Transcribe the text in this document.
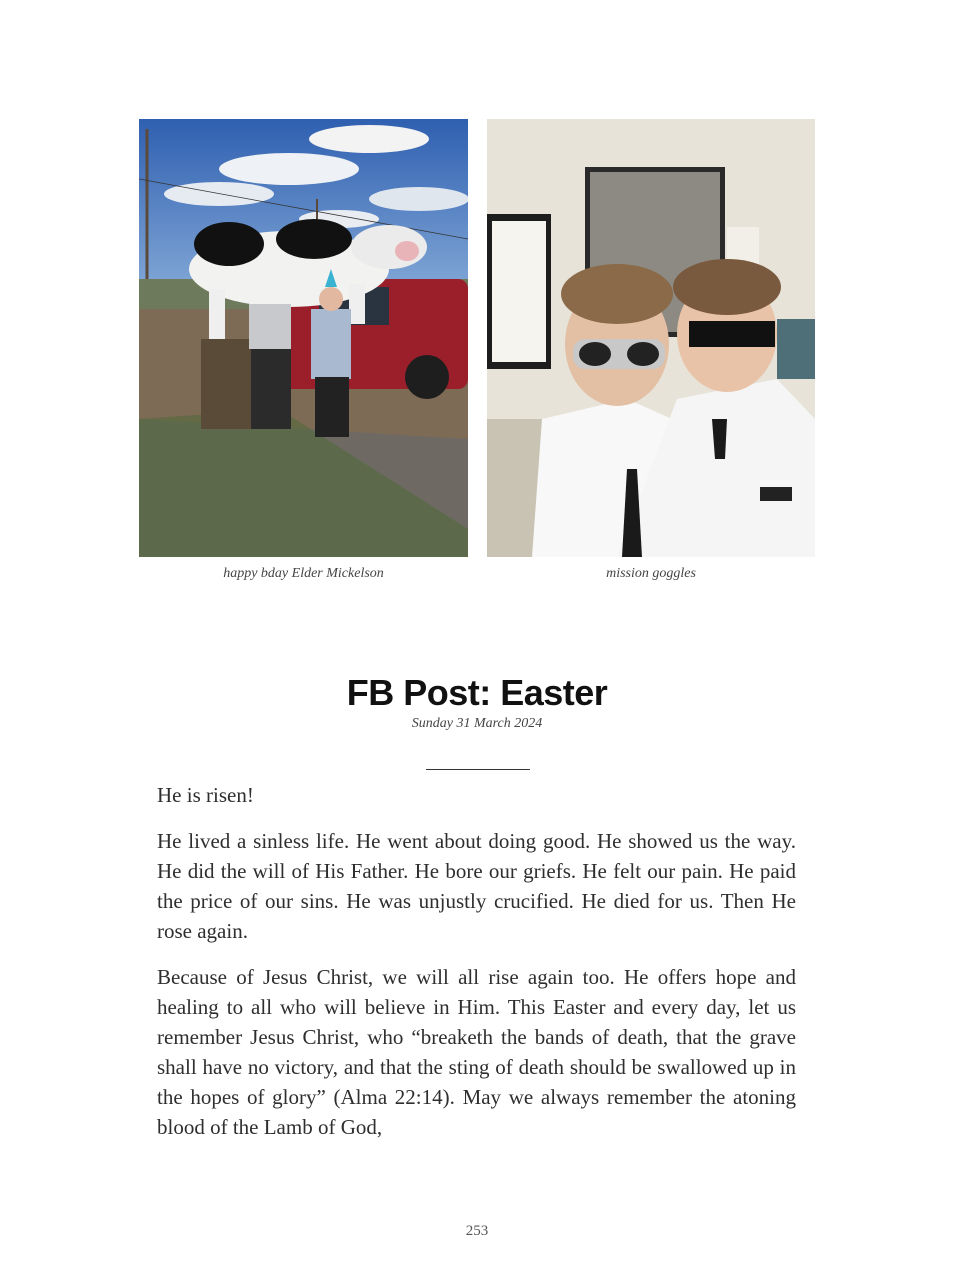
happy bday Elder Mickelson	mission goggles
FB Post: Easter
Sunday 31 March 2024

He is risen!

He lived a sinless life. He went about doing good. He showed us the way. He did the will of His Father. He bore our griefs. He felt our pain. He paid the price of our sins. He was unjustly crucified. He died for us. Then He rose again.

Because of Jesus Christ, we will all rise again too. He offers hope and healing to all who will believe in Him. This Easter and every day, let us remember Jesus Christ, who “breaketh the bands of death, that the grave shall have no victory, and that the sting of death should be swallowed up in the hopes of glory” (Alma 22:14). May we always remember the atoning blood of the Lamb of God,

253
